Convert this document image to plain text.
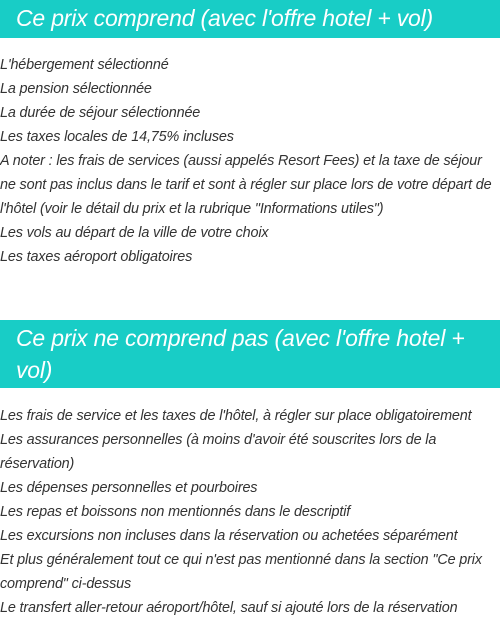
Ce prix comprend (avec l'offre hotel + vol)
L'hébergement sélectionné
La pension sélectionnée
La durée de séjour sélectionnée
Les taxes locales de 14,75% incluses
A noter : les frais de services (aussi appelés Resort Fees) et la taxe de séjour ne sont pas inclus dans le tarif et sont à régler sur place lors de votre départ de l'hôtel (voir le détail du prix et la rubrique "Informations utiles")
Les vols au départ de la ville de votre choix
Les taxes aéroport obligatoires
Ce prix ne comprend pas (avec l'offre hotel + vol)
Les frais de service et les taxes de l'hôtel, à régler sur place obligatoirement
Les assurances personnelles (à moins d'avoir été souscrites lors de la réservation)
Les dépenses personnelles et pourboires
Les repas et boissons non mentionnés dans le descriptif
Les excursions non incluses dans la réservation ou achetées séparément
Et plus généralement tout ce qui n'est pas mentionné dans la section "Ce prix comprend" ci-dessus
Le transfert aller-retour aéroport/hôtel, sauf si ajouté lors de la réservation
